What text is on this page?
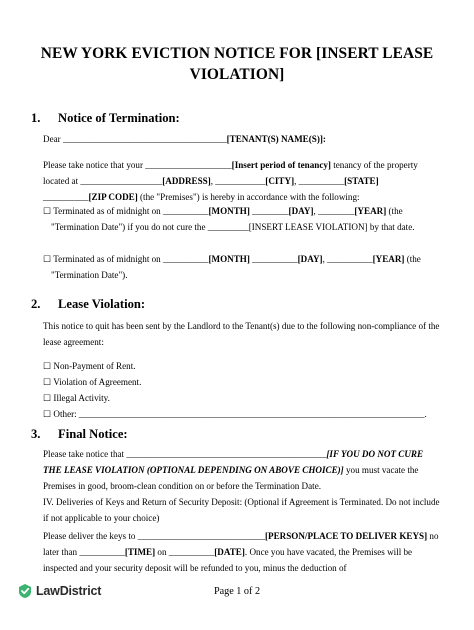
NEW YORK EVICTION NOTICE FOR [INSERT LEASE VIOLATION]
1. Notice of Termination:
Dear ____________________________________[TENANT(S) NAME(S)]:
Please take notice that your ___________________[Insert period of tenancy] tenancy of the property located at __________________[ADDRESS], ___________[CITY], __________[STATE] __________[ZIP CODE] (the "Premises") is hereby in accordance with the following:
☐ Terminated as of midnight on __________[MONTH] ________[DAY], ________[YEAR] (the "Termination Date") if you do not cure the _________[INSERT LEASE VIOLATION] by that date.
☐ Terminated as of midnight on __________[MONTH] __________[DAY], __________[YEAR] (the "Termination Date").
2. Lease Violation:
This notice to quit has been sent by the Landlord to the Tenant(s) due to the following non-compliance of the lease agreement:
☐ Non-Payment of Rent.
☐ Violation of Agreement.
☐ Illegal Activity.
☐ Other: ____________________________________________________________________________.
3. Final Notice:
Please take notice that ____________________________________________[IF YOU DO NOT CURE THE LEASE VIOLATION (OPTIONAL DEPENDING ON ABOVE CHOICE)] you must vacate the Premises in good, broom-clean condition on or before the Termination Date.
IV. Deliveries of Keys and Return of Security Deposit: (Optional if Agreement is Terminated. Do not include if not applicable to your choice)
Please deliver the keys to ____________________________[PERSON/PLACE TO DELIVER KEYS] no later than __________[TIME] on __________[DATE]. Once you have vacated, the Premises will be inspected and your security deposit will be refunded to you, minus the deduction of
LawDistrict	Page 1 of 2
